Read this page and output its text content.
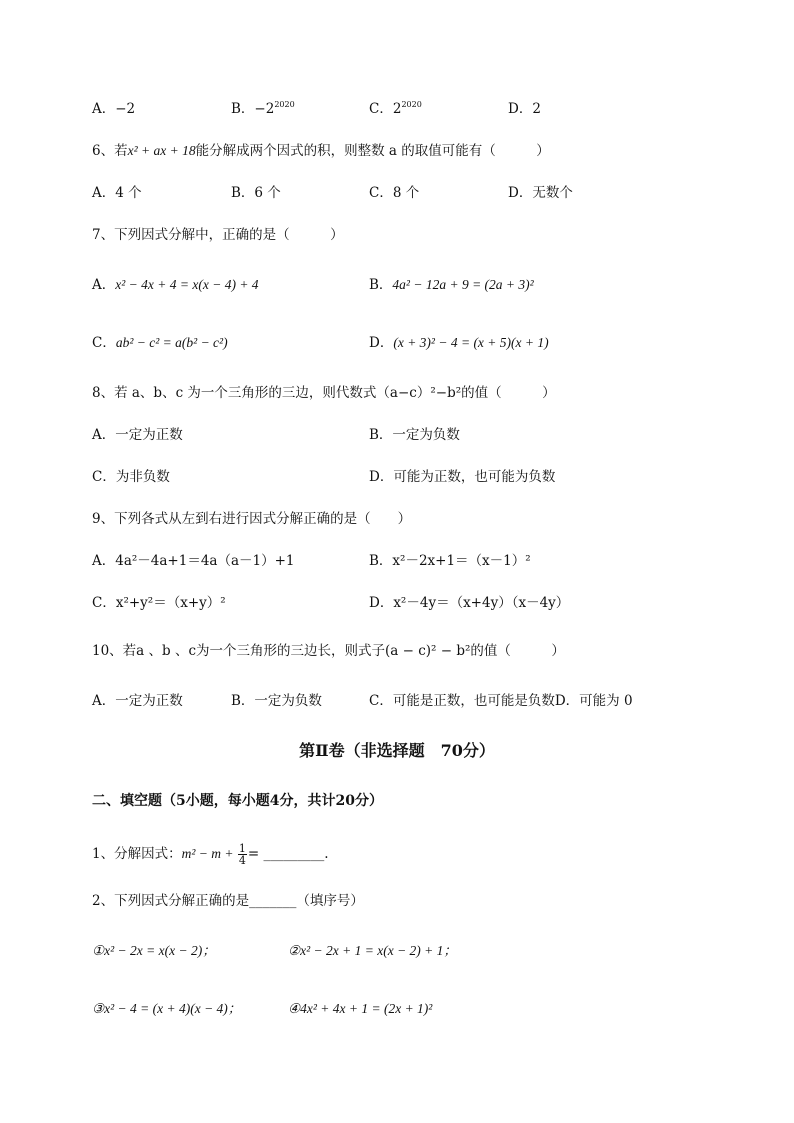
A．−2	B．$-2^{2020}$	C．$2^{2020}$	D．2
6、若x² + ax + 18能分解成两个因式的积，则整数 a 的取值可能有（　　　）
A．4 个	B．6 个	C．8 个	D．无数个
7、下列因式分解中，正确的是（　　　）
A．x² − 4x + 4 = x(x − 4) + 4	B．4a² − 12a + 9 = (2a + 3)²
C．ab² − c² = a(b² − c²)	D．(x + 3)² − 4 = (x + 5)(x + 1)
8、若 a、b、c 为一个三角形的三边，则代数式（a−c）²−b²的值（　　　）
A．一定为正数	B．一定为负数
C．为非负数	D．可能为正数，也可能为负数
9、下列各式从左到右进行因式分解正确的是（　　）
A．4a²－4a+1＝4a（a－1）+1	B．x²－2x+1＝（x－1）²
C．x²+y²＝（x+y）²	D．x²－4y＝（x+4y）（x－4y）
10、若a 、b 、c为一个三角形的三边长，则式子(a − c)² − b²的值（　　　）
A．一定为正数	B．一定为负数	C．可能是正数，也可能是负数D．可能为 0
第Ⅱ卷（非选择题　70分）
二、填空题（5小题，每小题4分，共计20分）
1、分解因式：$m^2 - m + \frac{1}{4}$ = _________.
2、下列因式分解正确的是_______（填序号）
①x² − 2x = x(x − 2)；	②x² − 2x + 1 = x(x − 2) + 1；
③x² − 4 = (x + 4)(x − 4)；	④4x² + 4x + 1 = (2x + 1)²
